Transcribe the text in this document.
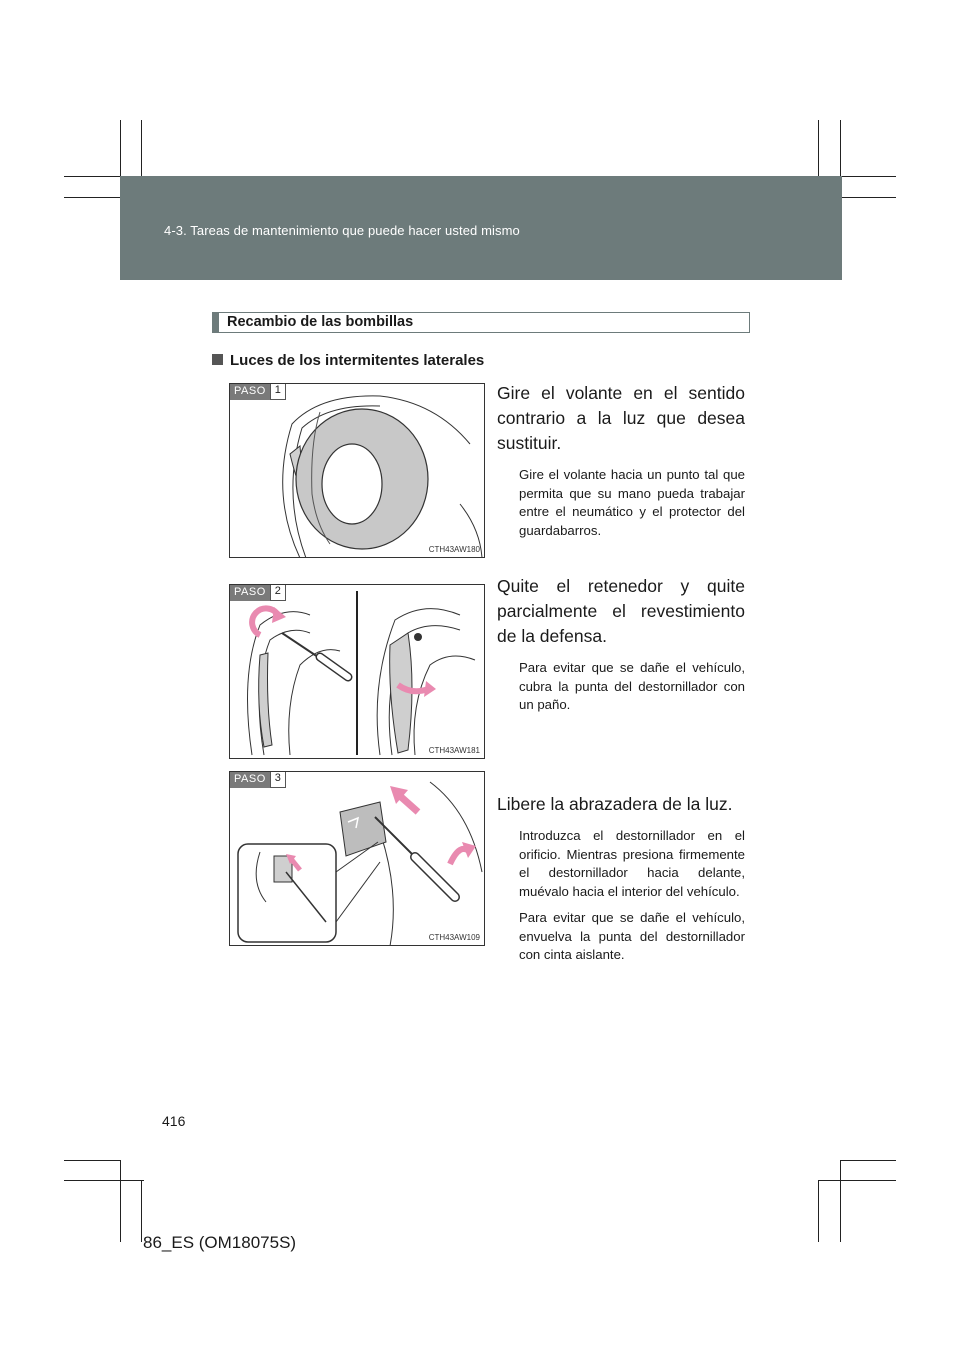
4-3. Tareas de mantenimiento que puede hacer usted mismo
Recambio de las bombillas
Luces de los intermitentes laterales
PASO 1
CTH43AW180

Gire el volante en el sentido contrario a la luz que desea sustituir.

Gire el volante hacia un punto tal que permita que su mano pueda trabajar entre el neumático y el protector del guardabarros.

PASO 2
CTH43AW181

Quite el retenedor y quite parcialmente el revestimiento de la defensa.

Para evitar que se dañe el vehículo, cubra la punta del destornillador con un paño.

PASO 3
CTH43AW109

Libere la abrazadera de la luz.

Introduzca el destornillador en el orificio. Mientras presiona firmemente el destornillador hacia delante, muévalo hacia el interior del vehículo.

Para evitar que se dañe el vehículo, envuelva la punta del destornillador con cinta aislante.

416
86_ES (OM18075S)
